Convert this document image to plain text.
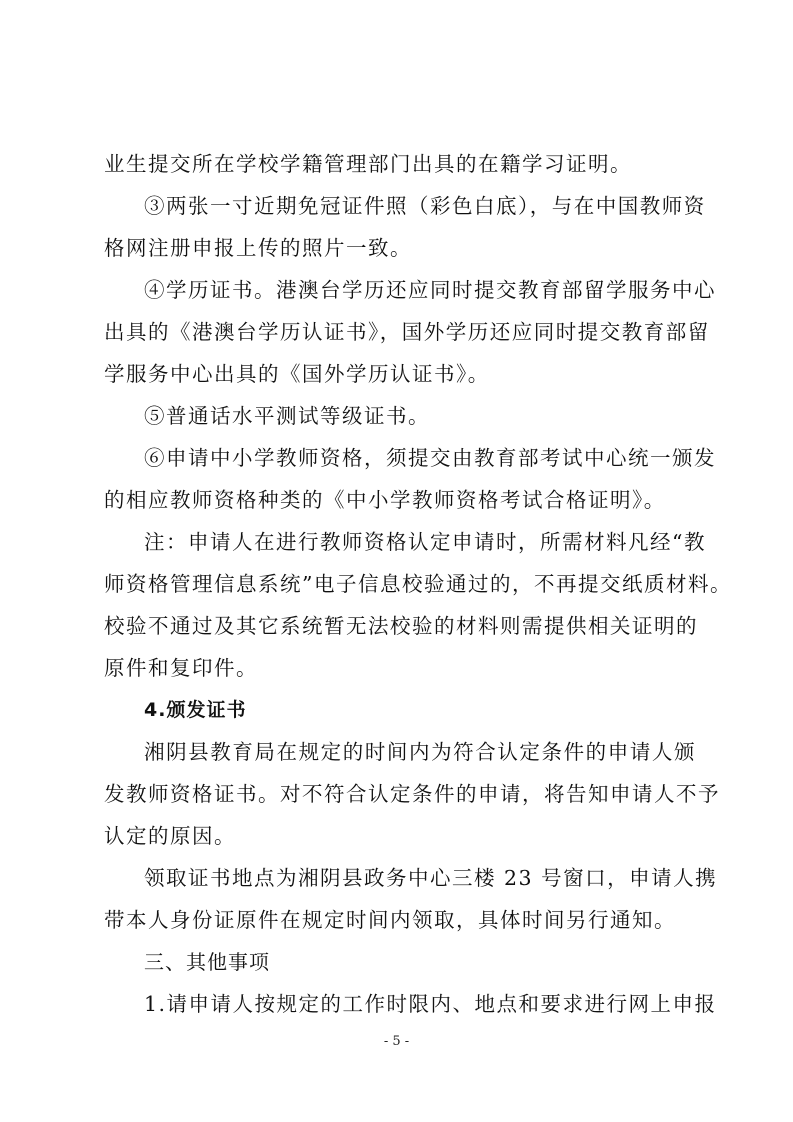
业生提交所在学校学籍管理部门出具的在籍学习证明。
③两张一寸近期免冠证件照（彩色白底），与在中国教师资
格网注册申报上传的照片一致。
④学历证书。港澳台学历还应同时提交教育部留学服务中心
出具的《港澳台学历认证书》，国外学历还应同时提交教育部留
学服务中心出具的《国外学历认证书》。
⑤普通话水平测试等级证书。
⑥申请中小学教师资格，须提交由教育部考试中心统一颁发
的相应教师资格种类的《中小学教师资格考试合格证明》。
注：申请人在进行教师资格认定申请时，所需材料凡经“教
师资格管理信息系统”电子信息校验通过的，不再提交纸质材料。
校验不通过及其它系统暂无法校验的材料则需提供相关证明的
原件和复印件。
4.颁发证书
湘阴县教育局在规定的时间内为符合认定条件的申请人颁
发教师资格证书。对不符合认定条件的申请，将告知申请人不予
认定的原因。
领取证书地点为湘阴县政务中心三楼 23 号窗口，申请人携
带本人身份证原件在规定时间内领取，具体时间另行通知。
三、其他事项
1.请申请人按规定的工作时限内、地点和要求进行网上申报
- 5 -
